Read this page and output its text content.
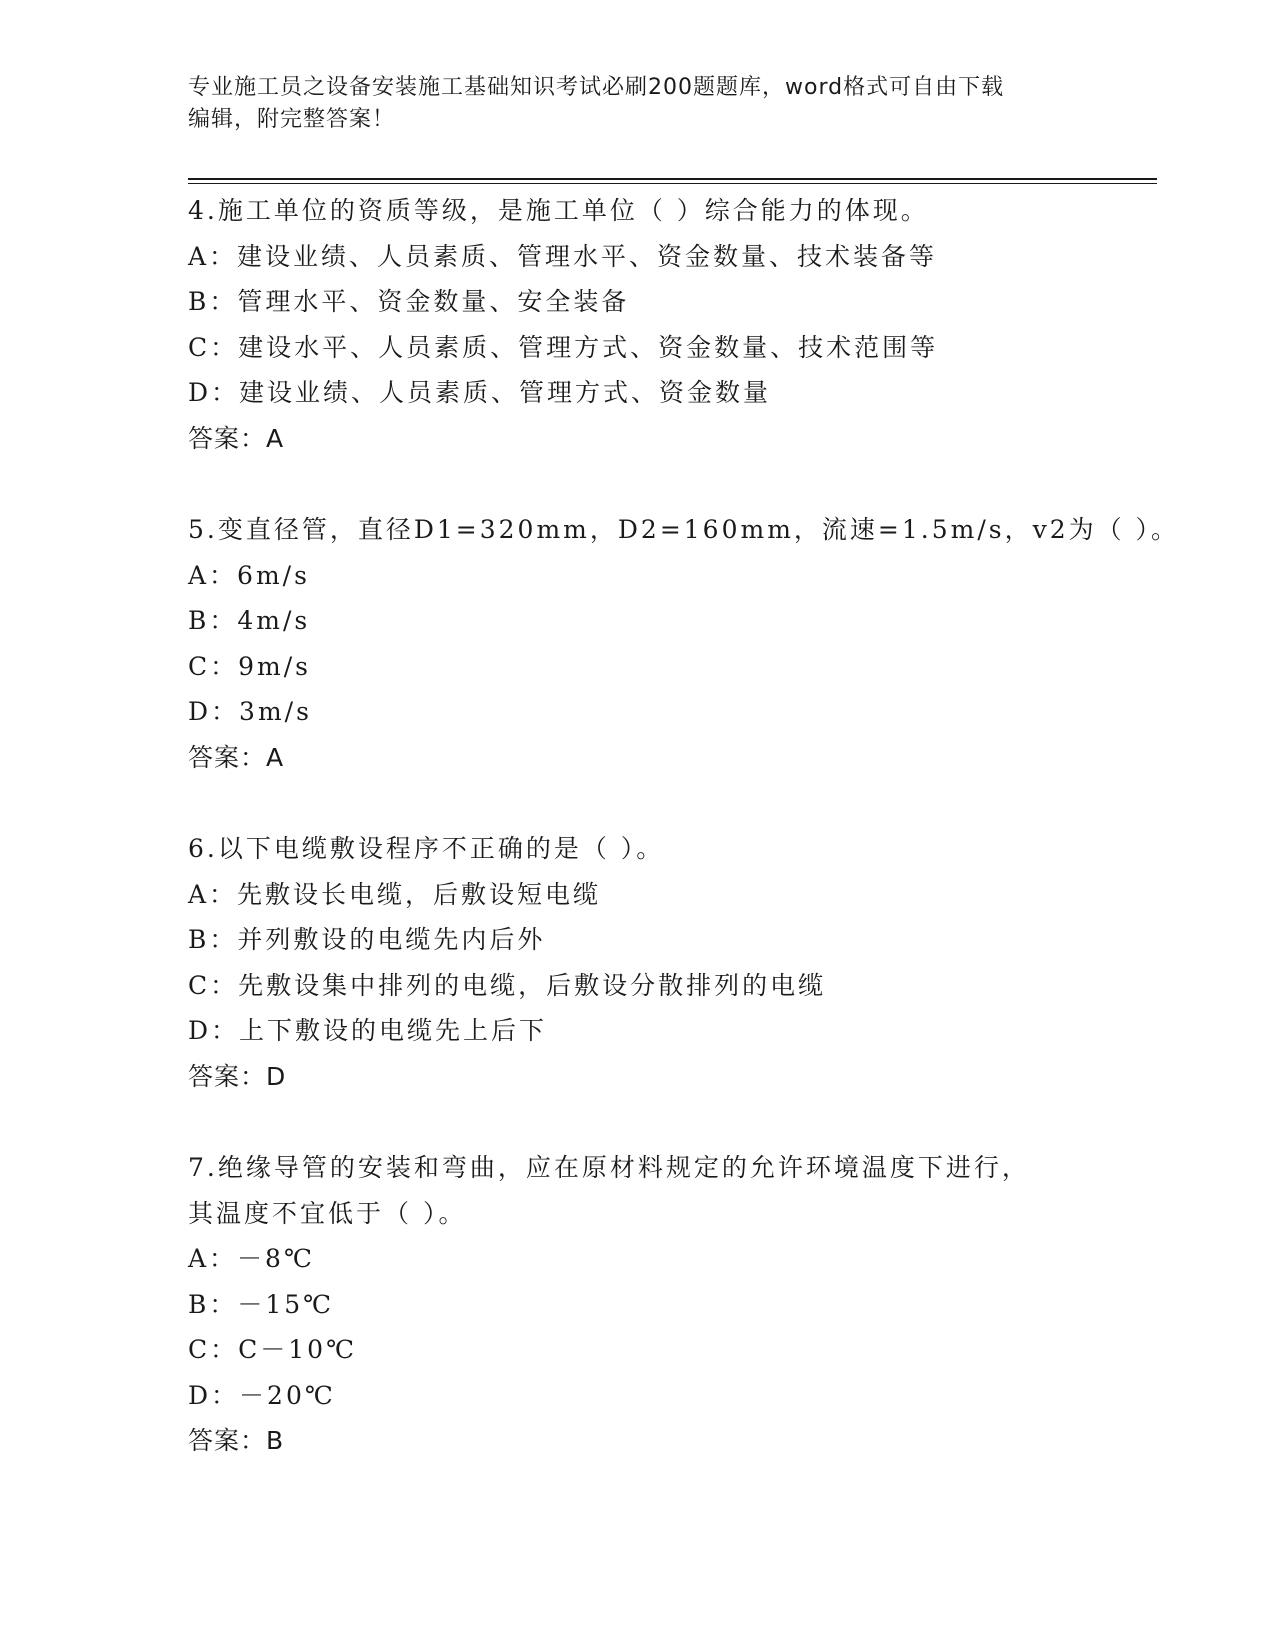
专业施工员之设备安装施工基础知识考试必刷200题题库，word格式可自由下载
编辑，附完整答案！
4.施工单位的资质等级，是施工单位（ ）综合能力的体现。
A：建设业绩、人员素质、管理水平、资金数量、技术装备等
B：管理水平、资金数量、安全装备
C：建设水平、人员素质、管理方式、资金数量、技术范围等
D：建设业绩、人员素质、管理方式、资金数量
答案：A
5.变直径管，直径D1=320mm，D2=160mm，流速=1.5m/s，v2为（ ）。
A：6m/s
B：4m/s
C：9m/s
D：3m/s
答案：A
6.以下电缆敷设程序不正确的是（ ）。
A：先敷设长电缆，后敷设短电缆
B：并列敷设的电缆先内后外
C：先敷设集中排列的电缆，后敷设分散排列的电缆
D：上下敷设的电缆先上后下
答案：D
7.绝缘导管的安装和弯曲，应在原材料规定的允许环境温度下进行，
其温度不宜低于（ ）。
A：－8℃
B：－15℃
C：C－10℃
D：－20℃
答案：B
